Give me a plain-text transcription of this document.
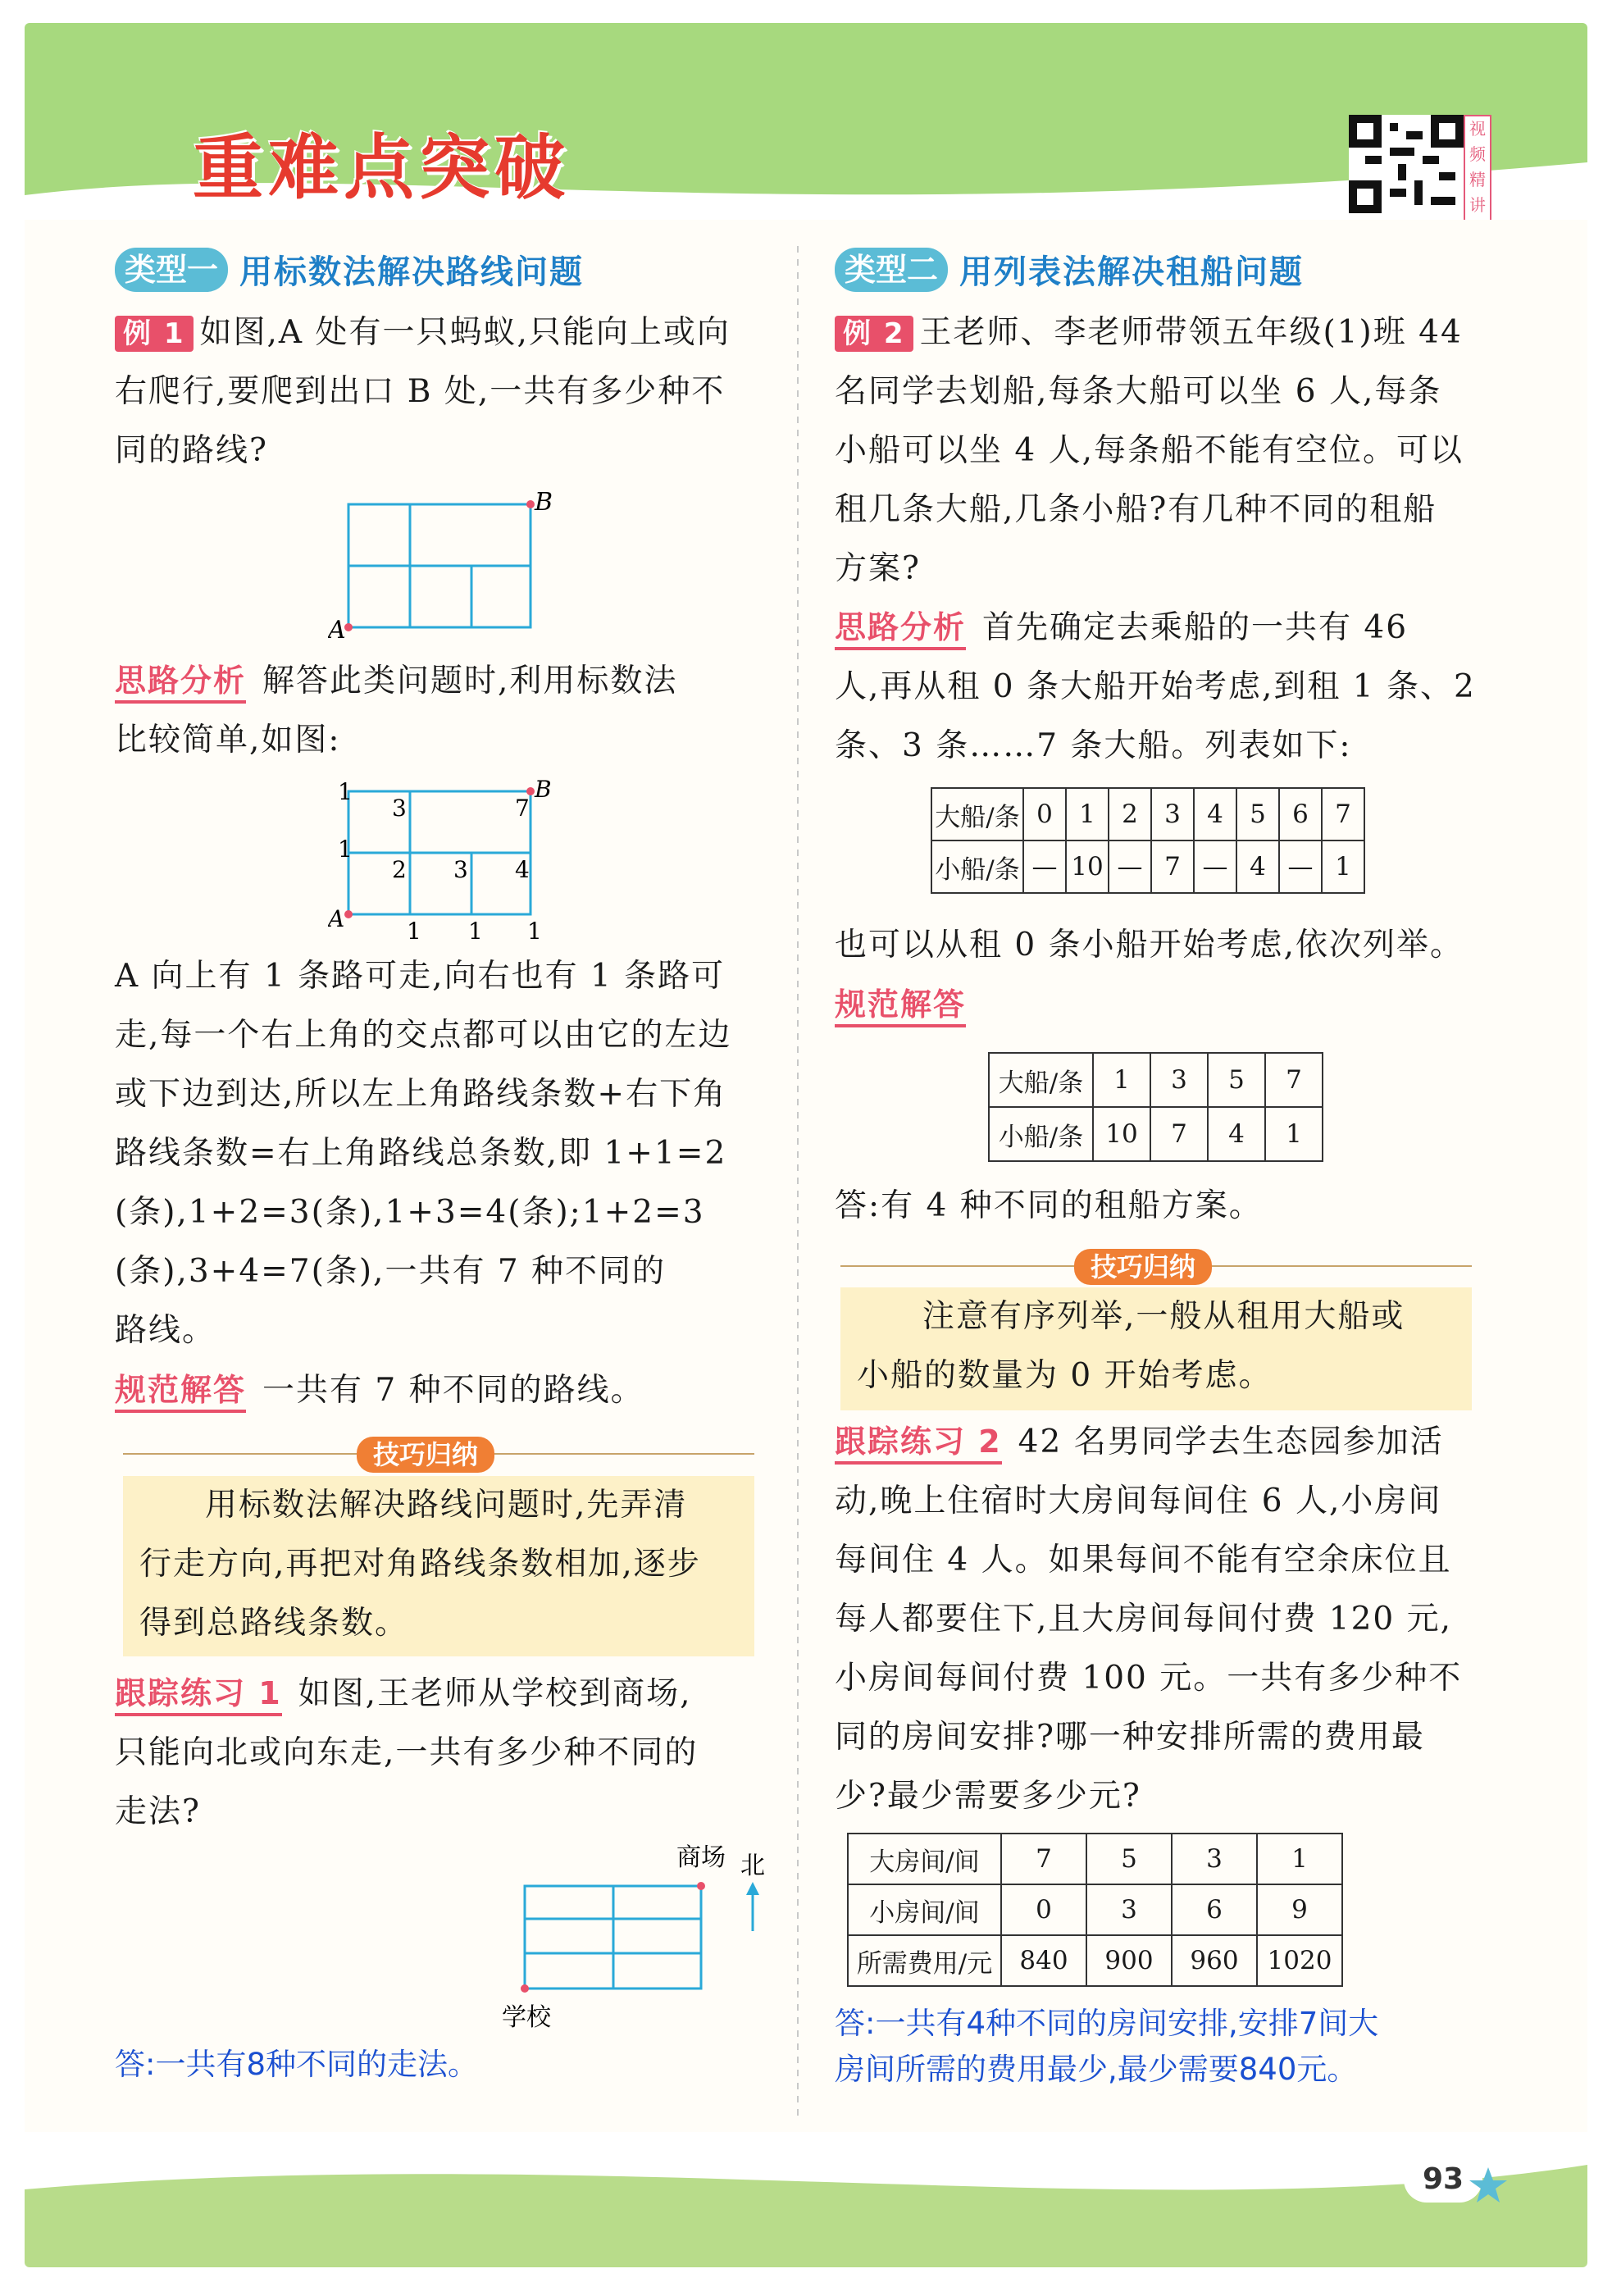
重难点突破	视
频
精
讲
类型一 用标数法解决路线问题
例 1 如图,A 处有一只蚂蚁,只能向上或向
右爬行,要爬到出口 B 处,一共有多少种不
同的路线?
A
B
思路分析 解答此类问题时,利用标数法
比较简单,如图:
A
B
1
3	7
1
2 3 4
1 1 1
A 向上有 1 条路可走,向右也有 1 条路可
走,每一个右上角的交点都可以由它的左边
或下边到达,所以左上角路线条数+右下角
路线条数=右上角路线总条数,即 1+1=2
(条),1+2=3(条),1+3=4(条);1+2=3
(条),3+4=7(条),一共有 7 种不同的
路线。
规范解答 一共有 7 种不同的路线。
技巧归纳
用标数法解决路线问题时,先弄清
行走方向,再把对角路线条数相加,逐步
得到总路线条数。
跟踪练习 1 如图,王老师从学校到商场,
只能向北或向东走,一共有多少种不同的
走法?
商场 北
学校
答:一共有8种不同的走法。
类型二 用列表法解决租船问题
例 2 王老师、李老师带领五年级(1)班 44
名同学去划船,每条大船可以坐 6 人,每条
小船可以坐 4 人,每条船不能有空位。可以
租几条大船,几条小船?有几种不同的租船
方案?
思路分析 首先确定去乘船的一共有 46
人,再从租 0 条大船开始考虑,到租 1 条、2
条、3 条……7 条大船。列表如下:
大船/条	0	1	2	3	4	5	6	7
小船/条	—	10	—	7	—	4	—	1
也可以从租 0 条小船开始考虑,依次列举。
规范解答
大船/条	1	3	5	7
小船/条	10	7	4	1
答:有 4 种不同的租船方案。
技巧归纳
注意有序列举,一般从租用大船或
小船的数量为 0 开始考虑。
跟踪练习 2 42 名男同学去生态园参加活
动,晚上住宿时大房间每间住 6 人,小房间
每间住 4 人。如果每间不能有空余床位且
每人都要住下,且大房间每间付费 120 元,
小房间每间付费 100 元。一共有多少种不
同的房间安排?哪一种安排所需的费用最
少?最少需要多少元?
大房间/间	7	5	3	1
小房间/间	0	3	6	9
所需费用/元	840	900	960	1020
答:一共有4种不同的房间安排,安排7间大
房间所需的费用最少,最少需要840元。
93
